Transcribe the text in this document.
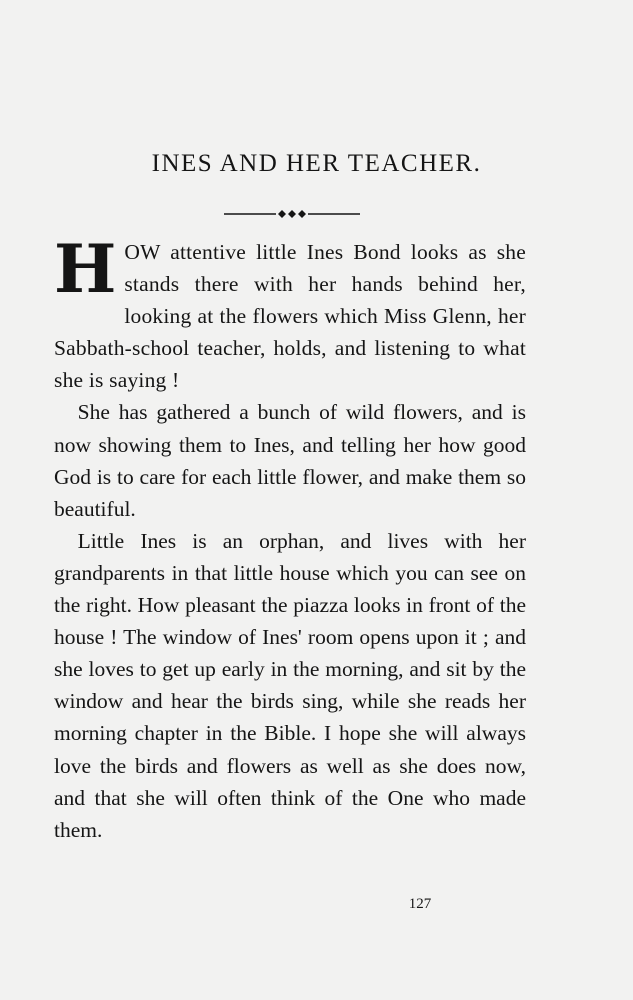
INES AND HER TEACHER.

HOW attentive little Ines Bond looks as she stands there with her hands behind her, looking at the flowers which Miss Glenn, her Sabbath-school teacher, holds, and listening to what she is saying !

She has gathered a bunch of wild flowers, and is now showing them to Ines, and telling her how good God is to care for each little flower, and make them so beautiful.

Little Ines is an orphan, and lives with her grandparents in that little house which you can see on the right. How pleasant the piazza looks in front of the house ! The window of Ines' room opens upon it ; and she loves to get up early in the morning, and sit by the window and hear the birds sing, while she reads her morning chapter in the Bible. I hope she will always love the birds and flowers as well as she does now, and that she will often think of the One who made them.

127
